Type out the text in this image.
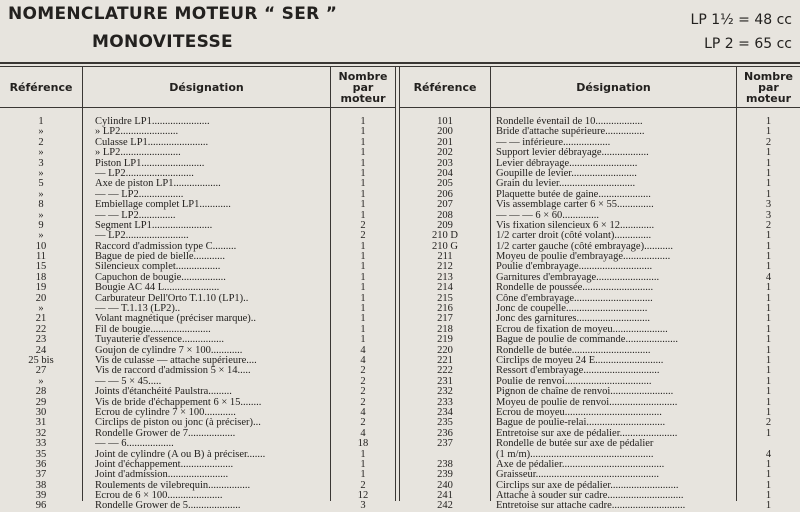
NOMENCLATURE MOTEUR “ SER ”
MONOVITESSE
LP 1½ = 48 cc
LP 2 = 65 cc
Référence	Désignation
Nombre
par
moteur
Référence	Désignation
Nombre
par
moteur
1	Cylindre LP1......................	1
»	» LP2......................	1
2	Culasse LP1.......................	1
»	» LP2.......................	1
3	Piston LP1........................	1
»	— LP2..........................	1
5	Axe de piston LP1..................	1
»	— — LP2.................	1
8	Embiellage complet LP1............	1
»	— — LP2..............	1
9	Segment LP1.......................	2
»	— LP2........................	2
10	Raccord d'admission type C.........	1
11	Bague de pied de bielle............	1
15	Silencieux complet.................	1
18	Capuchon de bougie.................	1
19	Bougie AC 44 L.....................	1
20	Carburateur Dell'Orto T.1.10 (LP1)..	1
»	— — T.1.13 (LP2)..	1
21	Volant magnétique (préciser marque)..	1
22	Fil de bougie.......................	1
23	Tuyauterie d'essence................	1
24	Goujon de cylindre 7 × 100............	4
25 bis	Vis de culasse — attache supérieure....	4
27	Vis de raccord d'admission 5 × 14.....	2
»	— — 5 × 45.....	2
28	Joints d'étanchéité Paulstra.........	2
29	Vis de bride d'échappement 6 × 15........	2
30	Ecrou de cylindre 7 × 100............	4
31	Circlips de piston ou jonc (à préciser)...	2
32	Rondelle Grower de 7..................	4
33	— — 6..................	18
35	Joint de cylindre (A ou B) à préciser.......	1
36	Joint d'échappement....................	1
37	Joint d'admission.......................	1
38	Roulements de vilebrequin................	2
39	Ecrou de 6 × 100.....................	12
96	Rondelle Grower de 5....................	3
101	Rondelle éventail de 10..................	1
200	Bride d'attache supérieure...............	1
201	— — inférieure..................	2
202	Support levier débrayage..................	1
203	Levier débrayage..........................	1
204	Goupille de levier.........................	1
205	Grain du levier.............................	1
206	Plaquette butée de gaine....................	1
207	Vis assemblage carter 6 × 55..............	3
208	— — — 6 × 60..............	3
209	Vis fixation silencieux 6 × 12.............	2
210 D	1/2 carter droit (côté volant)..............	1
210 G	1/2 carter gauche (côté embrayage)...........	1
211	Moyeu de poulie d'embrayage..................	1
212	Poulie d'embrayage............................	1
213	Garnitures d'embrayage........................	4
214	Rondelle de poussée...........................	1
215	Cône d'embrayage..............................	1
216	Jonc de coupelle...............................	1
217	Jonc des garnitures............................	1
218	Ecrou de fixation de moyeu.....................	1
219	Bague de poulie de commande....................	1
220	Rondelle de butée..............................	1
221	Circlips de moyeu 24 E..........................	1
222	Ressort d'embrayage.............................	1
231	Poulie de renvoi.................................	1
232	Pignon de chaîne de renvoi........................	1
233	Moyeu de poulie de renvoi..........................	1
234	Ecrou de moyeu.....................................	1
235	Bague de poulie-relai..............................	2
236	Entretoise sur axe de pédalier......................	1
237	Rondelle de butée sur axe de pédalier
(1 m/m)...............................................	4
238	Axe de pédalier.......................................	1
239	Graisseur...............................................	1
240	Circlips sur axe de pédalier..........................	1
241	Attache à souder sur cadre.............................	1
242	Entretoise sur attache cadre............................	1
